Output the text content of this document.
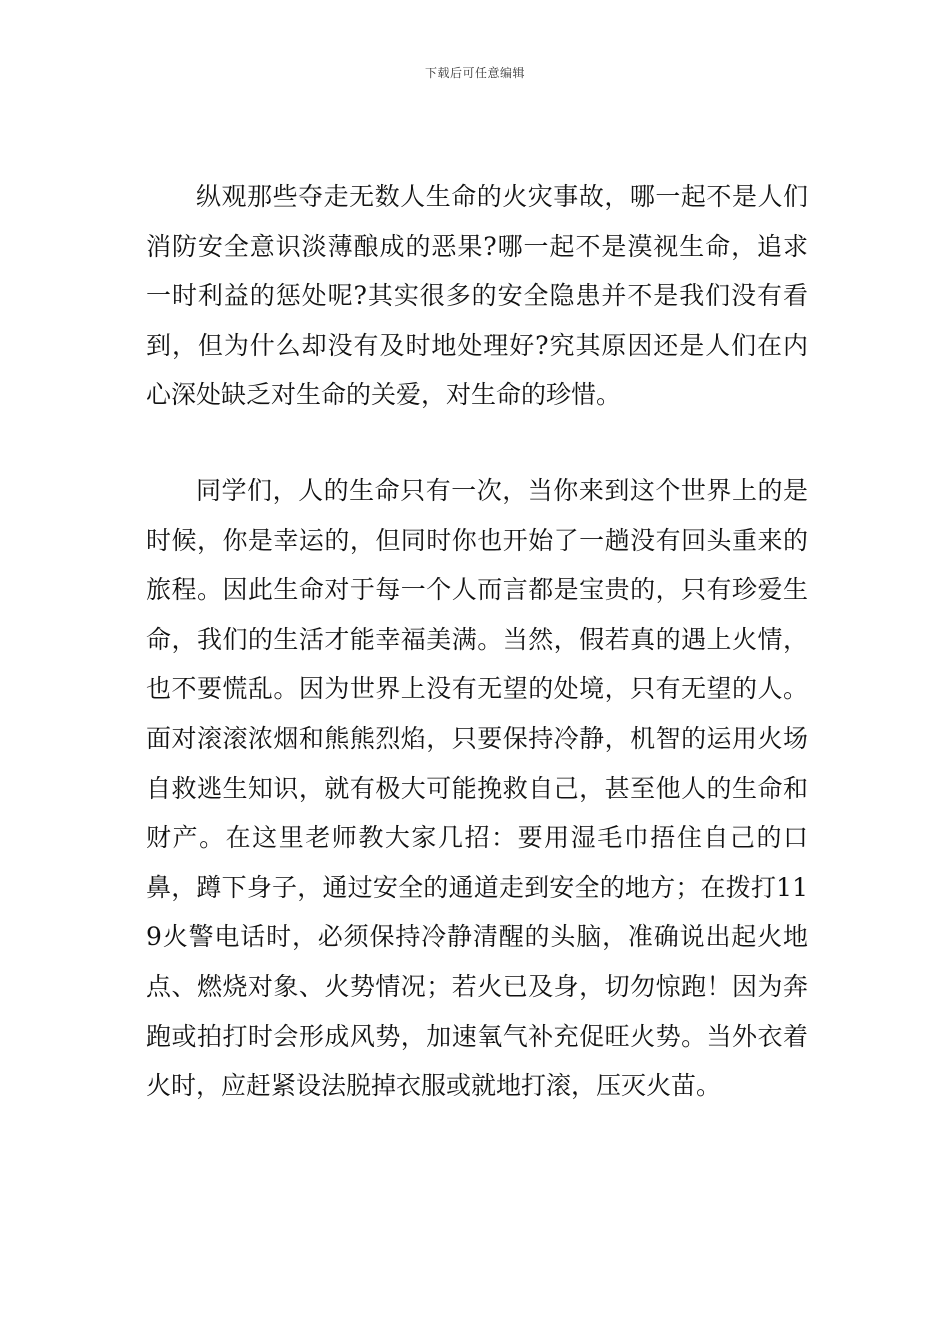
下载后可任意编辑

纵观那些夺走无数人生命的火灾事故，哪一起不是人们消防安全意识淡薄酿成的恶果?哪一起不是漠视生命，追求一时利益的惩处呢?其实很多的安全隐患并不是我们没有看到，但为什么却没有及时地处理好?究其原因还是人们在内心深处缺乏对生命的关爱，对生命的珍惜。

同学们，人的生命只有一次，当你来到这个世界上的是时候，你是幸运的，但同时你也开始了一趟没有回头重来的旅程。因此生命对于每一个人而言都是宝贵的，只有珍爱生命，我们的生活才能幸福美满。当然，假若真的遇上火情，也不要慌乱。因为世界上没有无望的处境，只有无望的人。面对滚滚浓烟和熊熊烈焰，只要保持冷静，机智的运用火场自救逃生知识，就有极大可能挽救自己，甚至他人的生命和财产。在这里老师教大家几招：要用湿毛巾捂住自己的口鼻，蹲下身子，通过安全的通道走到安全的地方；在拨打119火警电话时，必须保持冷静清醒的头脑，准确说出起火地点、燃烧对象、火势情况；若火已及身，切勿惊跑！因为奔跑或拍打时会形成风势，加速氧气补充促旺火势。当外衣着火时，应赶紧设法脱掉衣服或就地打滚，压灭火苗。
